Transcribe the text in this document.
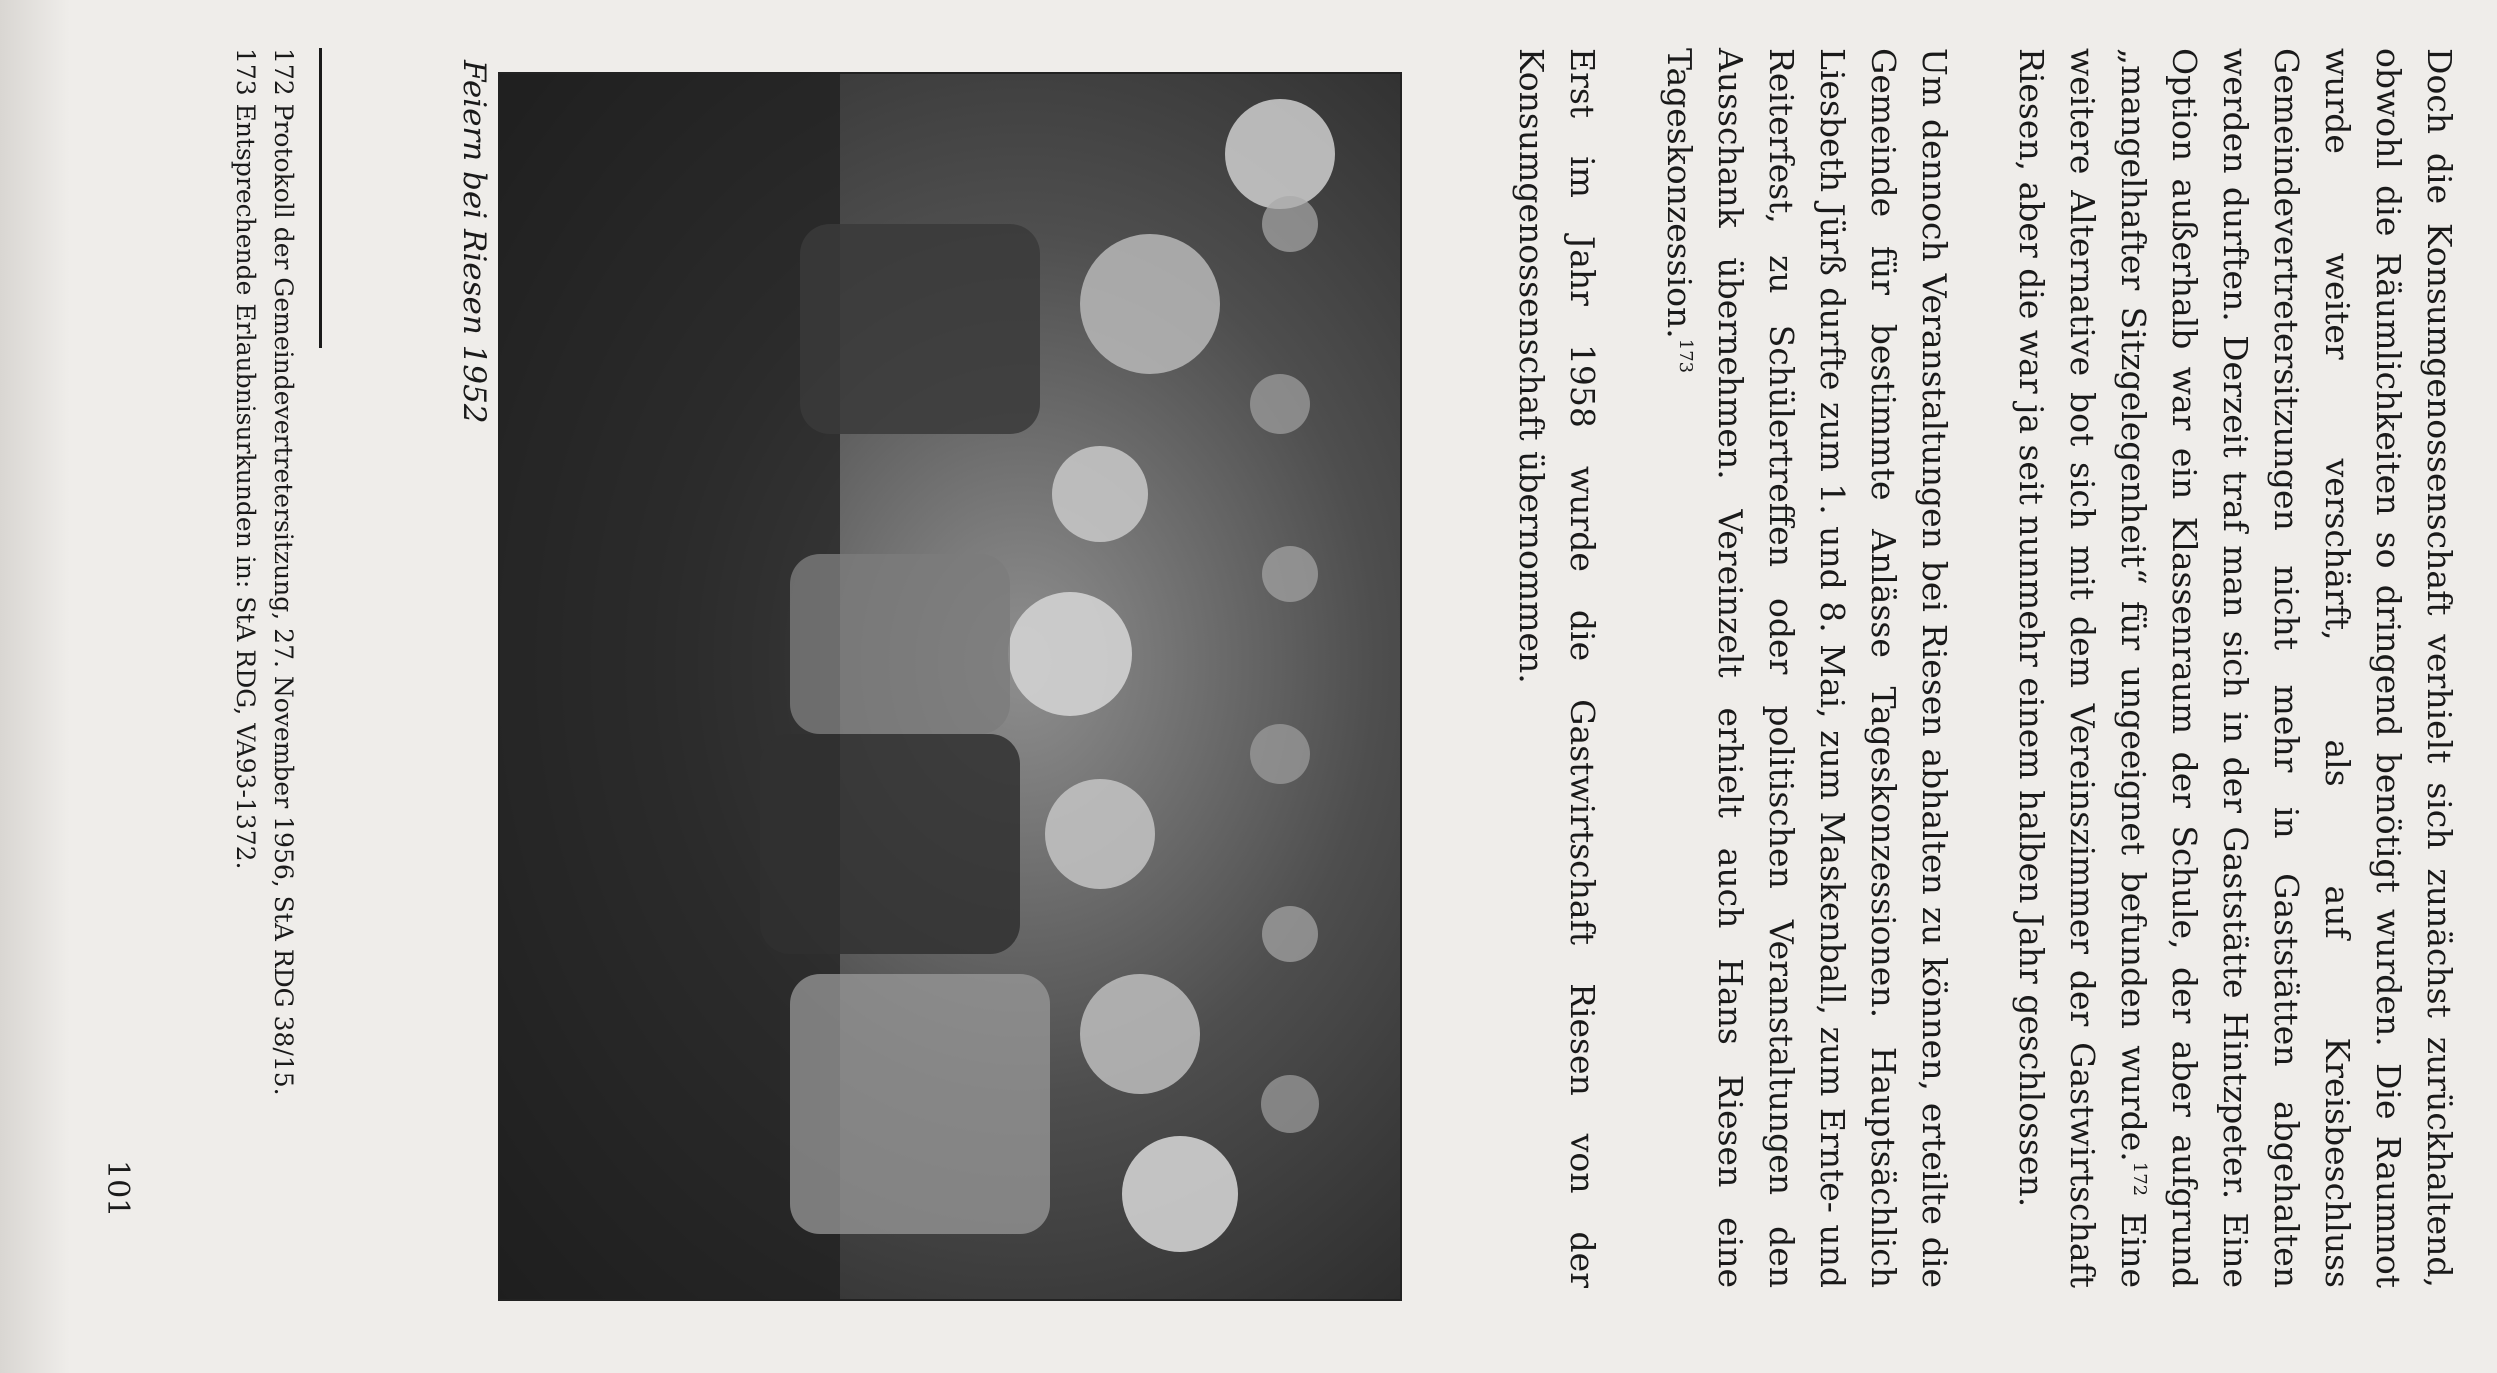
Doch die Konsumgenossenschaft verhielt sich zunächst zurückhaltend, obwohl die Räumlichkeiten so dringend benötigt wurden. Die Raumnot wurde weiter verschärft, als auf Kreisbeschluss Gemeindevertretersitzungen nicht mehr in Gaststätten abgehalten werden durften. Derzeit traf man sich in der Gaststätte Hintzpeter. Eine Option außerhalb war ein Klassenraum der Schule, der aber aufgrund „mangelhafter Sitzgelegenheit“ für ungeeignet befunden wurde.$^{172}$ Eine weitere Alternative bot sich mit dem Vereinszimmer der Gastwirtschaft Riesen, aber die war ja seit nunmehr einem halben Jahr geschlossen.

Um dennoch Veranstaltungen bei Riesen abhalten zu können, erteilte die Gemeinde für bestimmte Anlässe Tageskonzessionen. Hauptsächlich Liesbeth Jürß durfte zum 1. und 8. Mai, zum Maskenball, zum Ernte- und Reiterfest, zu Schülertreffen oder politischen Veranstaltungen den Ausschank übernehmen. Vereinzelt erhielt auch Hans Riesen eine Tageskonzession.$^{173}$

Erst im Jahr 1958 wurde die Gastwirtschaft Riesen von der Konsumgenossenschaft übernommen.

Feiern bei Riesen 1952

172 Protokoll der Gemeindevertretersitzung, 27. November 1956, StA RDG 38/15.

173 Entsprechende Erlaubnisurkunden in: StA RDG, VA93-1372.

101
